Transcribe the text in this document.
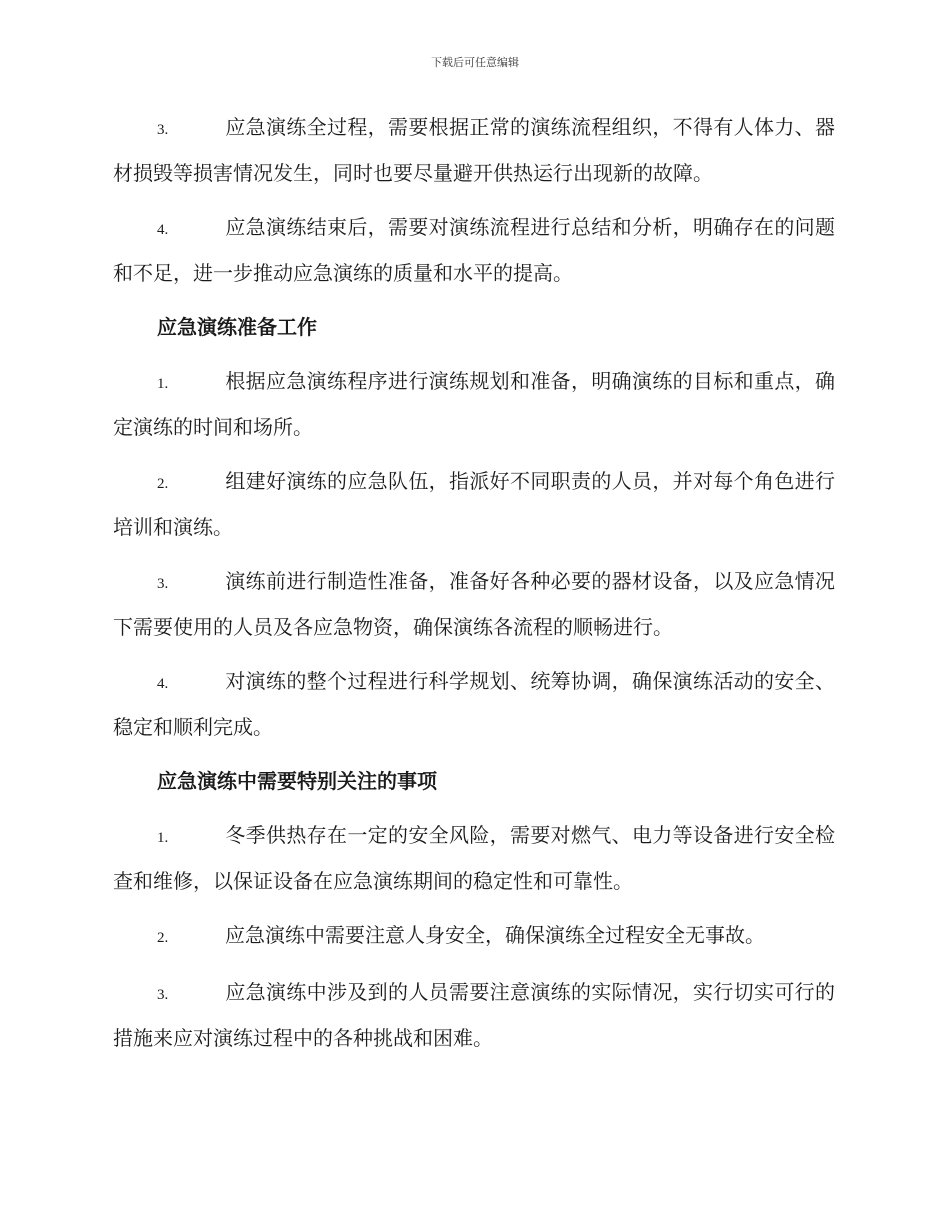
下载后可任意编辑

3.	应急演练全过程，需要根据正常的演练流程组织，不得有人体力、器材损毁等损害情况发生，同时也要尽量避开供热运行出现新的故障。

4.	应急演练结束后，需要对演练流程进行总结和分析，明确存在的问题和不足，进一步推动应急演练的质量和水平的提高。

应急演练准备工作

1.	根据应急演练程序进行演练规划和准备，明确演练的目标和重点，确定演练的时间和场所。

2.	组建好演练的应急队伍，指派好不同职责的人员，并对每个角色进行培训和演练。

3.	演练前进行制造性准备，准备好各种必要的器材设备，以及应急情况下需要使用的人员及各应急物资，确保演练各流程的顺畅进行。

4.	对演练的整个过程进行科学规划、统筹协调，确保演练活动的安全、稳定和顺利完成。

应急演练中需要特别关注的事项

1.	冬季供热存在一定的安全风险，需要对燃气、电力等设备进行安全检查和维修，以保证设备在应急演练期间的稳定性和可靠性。

2.	应急演练中需要注意人身安全，确保演练全过程安全无事故。

3.	应急演练中涉及到的人员需要注意演练的实际情况，实行切实可行的措施来应对演练过程中的各种挑战和困难。
